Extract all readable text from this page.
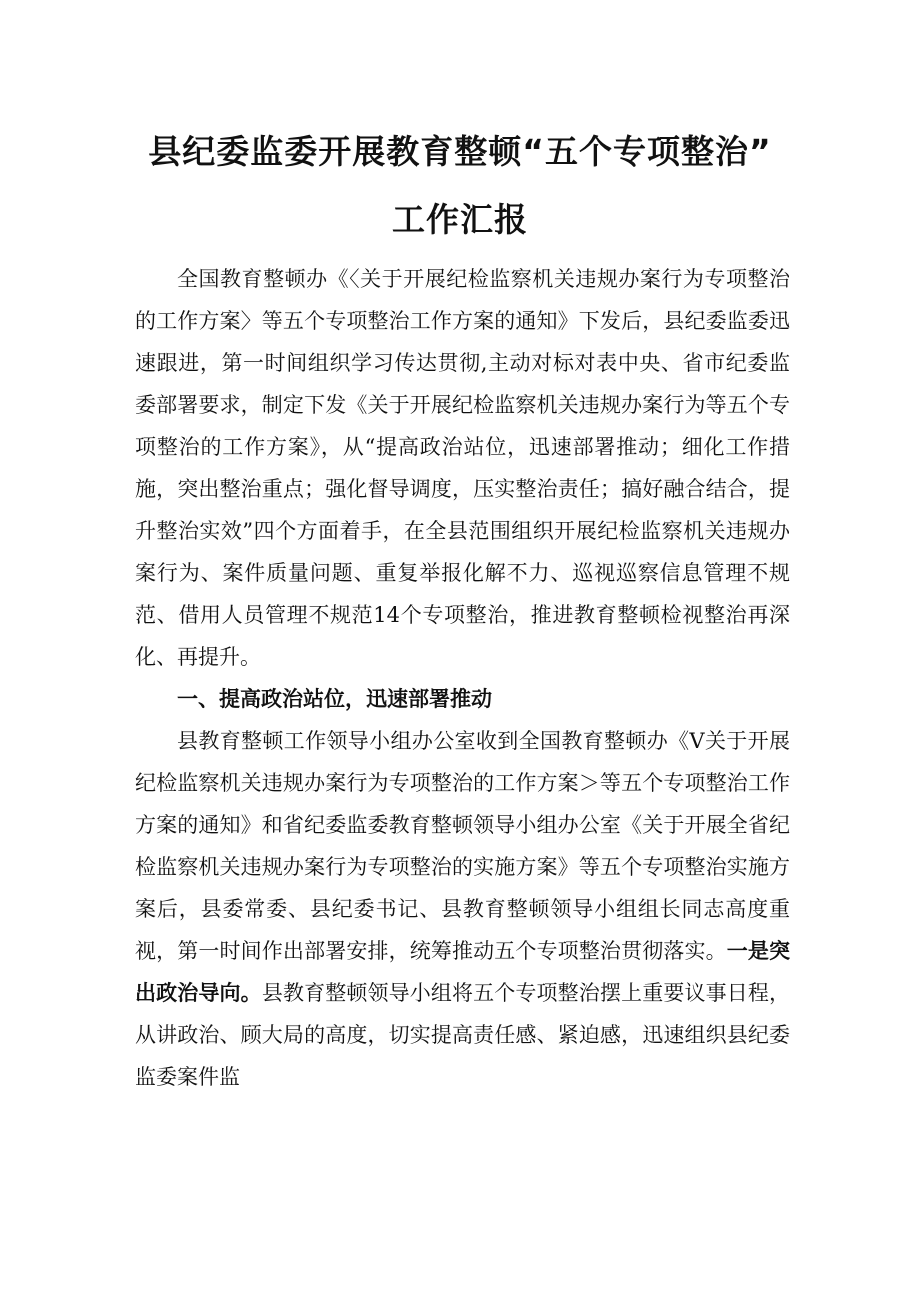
县纪委监委开展教育整顿“五个专项整治”
工作汇报

全国教育整顿办《〈关于开展纪检监察机关违规办案行为专项整治的工作方案〉等五个专项整治工作方案的通知》下发后，县纪委监委迅速跟进，第一时间组织学习传达贯彻,主动对标对表中央、省市纪委监委部署要求，制定下发《关于开展纪检监察机关违规办案行为等五个专项整治的工作方案》，从“提高政治站位，迅速部署推动；细化工作措施，突出整治重点；强化督导调度，压实整治责任；搞好融合结合，提升整治实效”四个方面着手，在全县范围组织开展纪检监察机关违规办案行为、案件质量问题、重复举报化解不力、巡视巡察信息管理不规范、借用人员管理不规范14个专项整治，推进教育整顿检视整治再深化、再提升。

一、提高政治站位，迅速部署推动

县教育整顿工作领导小组办公室收到全国教育整顿办《V关于开展纪检监察机关违规办案行为专项整治的工作方案＞等五个专项整治工作方案的通知》和省纪委监委教育整顿领导小组办公室《关于开展全省纪检监察机关违规办案行为专项整治的实施方案》等五个专项整治实施方案后，县委常委、县纪委书记、县教育整顿领导小组组长同志高度重视，第一时间作出部署安排，统筹推动五个专项整治贯彻落实。一是突出政治导向。县教育整顿领导小组将五个专项整治摆上重要议事日程，从讲政治、顾大局的高度，切实提高责任感、紧迫感，迅速组织县纪委监委案件监
